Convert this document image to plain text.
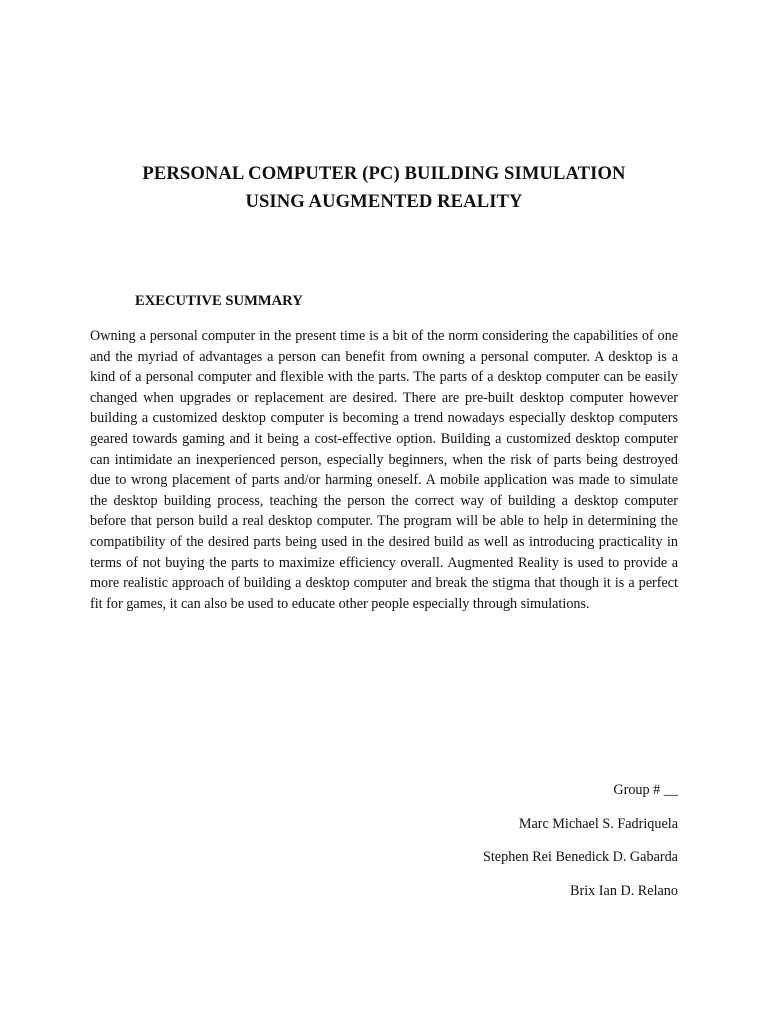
PERSONAL COMPUTER (PC) BUILDING SIMULATION

USING AUGMENTED REALITY

EXECUTIVE SUMMARY

Owning a personal computer in the present time is a bit of the norm considering the capabilities of one and the myriad of advantages a person can benefit from owning a personal computer. A desktop is a kind of a personal computer and flexible with the parts. The parts of a desktop computer can be easily changed when upgrades or replacement are desired. There are pre-built desktop computer however building a customized desktop computer is becoming a trend nowadays especially desktop computers geared towards gaming and it being a cost-effective option. Building a customized desktop computer can intimidate an inexperienced person, especially beginners, when the risk of parts being destroyed due to wrong placement of parts and/or harming oneself. A mobile application was made to simulate the desktop building process, teaching the person the correct way of building a desktop computer before that person build a real desktop computer. The program will be able to help in determining the compatibility of the desired parts being used in the desired build as well as introducing practicality in terms of not buying the parts to maximize efficiency overall. Augmented Reality is used to provide a more realistic approach of building a desktop computer and break the stigma that though it is a perfect fit for games, it can also be used to educate other people especially through simulations.

Group # __

Marc Michael S. Fadriquela

Stephen Rei Benedick D. Gabarda

Brix Ian D. Relano
